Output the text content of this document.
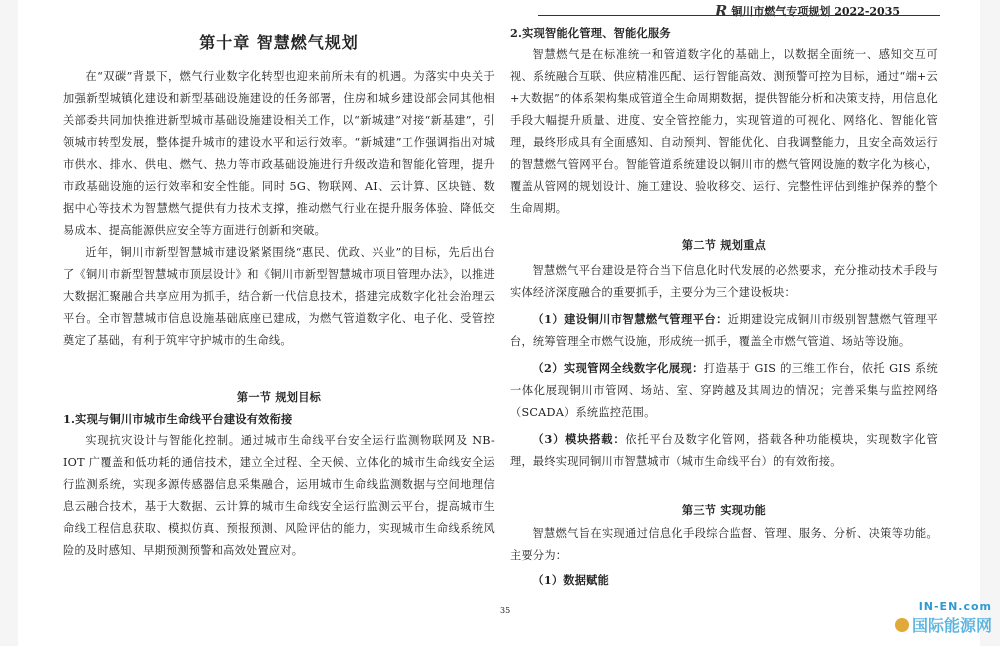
R 铜川市燃气专项规划 2022-2035
第十章 智慧燃气规划

在“双碳”背景下，燃气行业数字化转型也迎来前所未有的机遇。为落实中央关于加强新型城镇化建设和新型基础设施建设的任务部署，住房和城乡建设部会同其他相关部委共同加快推进新型城市基础设施建设相关工作，以“新城建”对接“新基建”，引领城市转型发展，整体提升城市的建设水平和运行效率。“新城建”工作强调指出对城市供水、排水、供电、燃气、热力等市政基础设施进行升级改造和智能化管理，提升市政基础设施的运行效率和安全性能。同时 5G、物联网、AI、云计算、区块链、数据中心等技术为智慧燃气提供有力技术支撑，推动燃气行业在提升服务体验、降低交易成本、提高能源供应安全等方面进行创新和突破。

近年，铜川市新型智慧城市建设紧紧围绕“惠民、优政、兴业”的目标，先后出台了《铜川市新型智慧城市顶层设计》和《铜川市新型智慧城市项目管理办法》，以推进大数据汇聚融合共享应用为抓手，结合新一代信息技术，搭建完成数字化社会治理云平台。全市智慧城市信息设施基础底座已建成，为燃气管道数字化、电子化、受管控奠定了基础，有利于筑牢守护城市的生命线。

第一节 规划目标

1.实现与铜川市城市生命线平台建设有效衔接

实现抗灾设计与智能化控制。通过城市生命线平台安全运行监测物联网及 NB-IOT 广覆盖和低功耗的通信技术，建立全过程、全天候、立体化的城市生命线安全运行监测系统，实现多源传感器信息采集融合，运用城市生命线监测数据与空间地理信息云融合技术，基于大数据、云计算的城市生命线安全运行监测云平台，提高城市生命线工程信息获取、模拟仿真、预报预测、风险评估的能力，实现城市生命线系统风险的及时感知、早期预测预警和高效处置应对。

2.实现智能化管理、智能化服务

智慧燃气是在标准统一和管道数字化的基础上，以数据全面统一、感知交互可视、系统融合互联、供应精准匹配、运行智能高效、测预警可控为目标，通过“端+云+大数据”的体系架构集成管道全生命周期数据，提供智能分析和决策支持，用信息化手段大幅提升质量、进度、安全管控能力，实现管道的可视化、网络化、智能化管理，最终形成具有全面感知、自动预判、智能优化、自我调整能力，且安全高效运行的智慧燃气管网平台。智能管道系统建设以铜川市的燃气管网设施的数字化为核心，覆盖从管网的规划设计、施工建设、验收移交、运行、完整性评估到维护保养的整个生命周期。

第二节 规划重点

智慧燃气平台建设是符合当下信息化时代发展的必然要求，充分推动技术手段与实体经济深度融合的重要抓手，主要分为三个建设板块：

（1）建设铜川市智慧燃气管理平台：近期建设完成铜川市级别智慧燃气管理平台，统筹管理全市燃气设施，形成统一抓手，覆盖全市燃气管道、场站等设施。

（2）实现管网全线数字化展现：打造基于 GIS 的三维工作台，依托 GIS 系统一体化展现铜川市管网、场站、室、穿跨越及其周边的情况；完善采集与监控网络（SCADA）系统监控范围。

（3）模块搭载：依托平台及数字化管网，搭载各种功能模块，实现数字化管理，最终实现同铜川市智慧城市（城市生命线平台）的有效衔接。

第三节 实现功能

智慧燃气旨在实现通过信息化手段综合监督、管理、服务、分析、决策等功能。主要分为：

（1）数据赋能

35	IN-EN.com
国际能源网
